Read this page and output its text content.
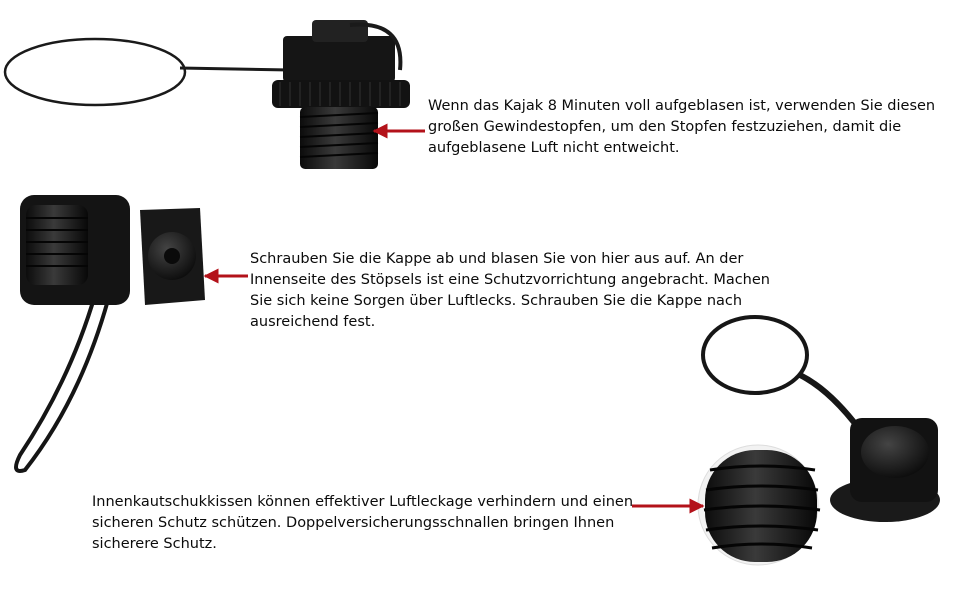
Wenn das Kajak 8 Minuten voll aufgeblasen ist, verwenden Sie diesen großen Gewindestopfen, um den Stopfen festzuziehen, damit die aufgeblasene Luft nicht entweicht.
Schrauben Sie die Kappe ab und blasen Sie von hier aus auf. An der Innenseite des Stöpsels ist eine Schutzvorrichtung angebracht. Machen Sie sich keine Sorgen über Luftlecks. Schrauben Sie die Kappe nach ausreichend fest.
Innenkautschukkissen können effektiver Luftleckage verhindern und einen sicheren Schutz schützen. Doppelversicherungsschnallen bringen Ihnen sicherere Schutz.
